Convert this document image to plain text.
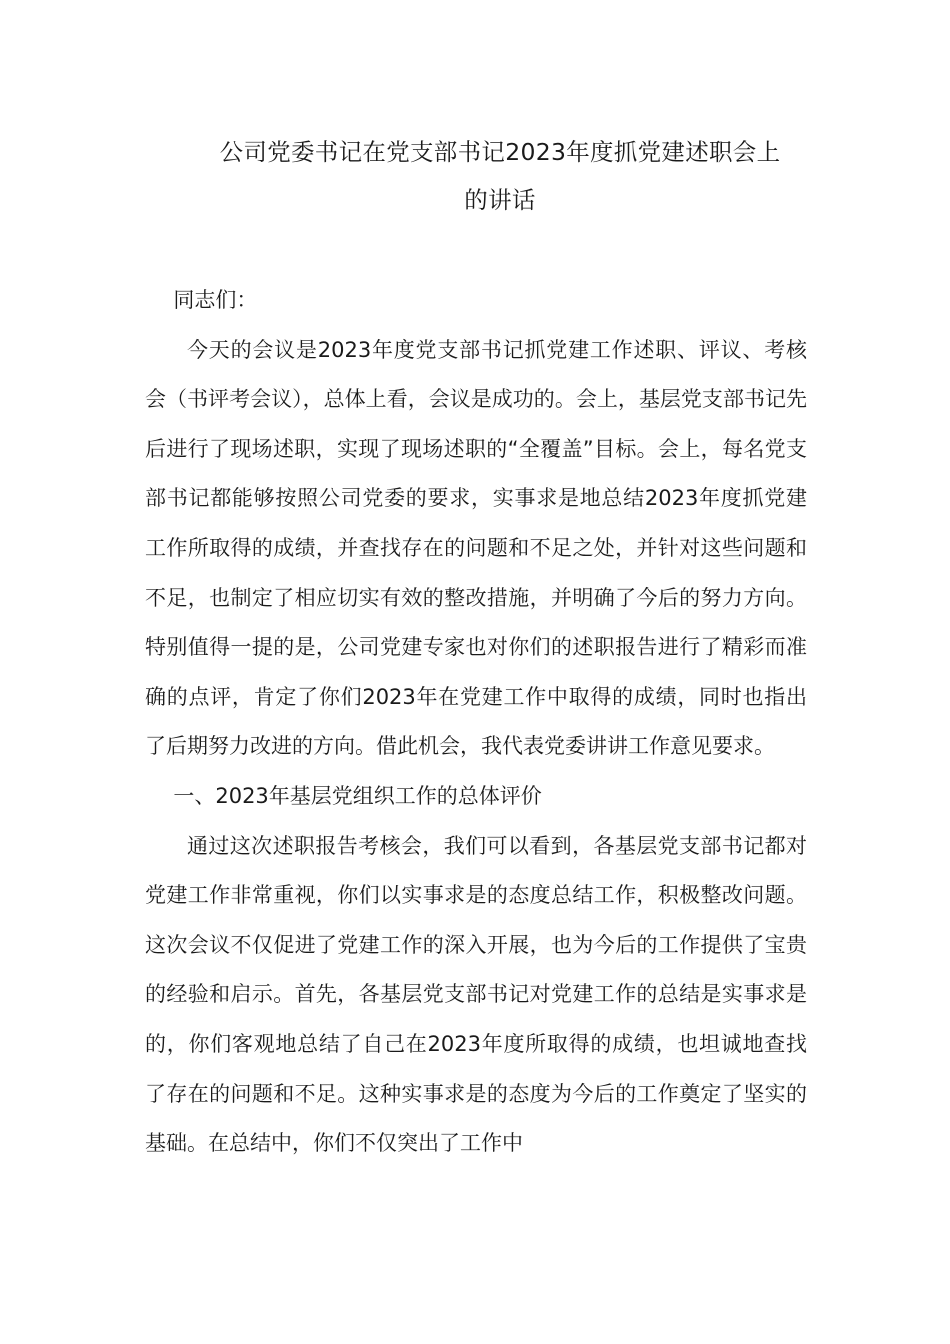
公司党委书记在党支部书记2023年度抓党建述职会上
的讲话

同志们：

今天的会议是2023年度党支部书记抓党建工作述职、评议、考核会（书评考会议），总体上看，会议是成功的。会上，基层党支部书记先后进行了现场述职，实现了现场述职的“全覆盖”目标。会上，每名党支部书记都能够按照公司党委的要求，实事求是地总结2023年度抓党建工作所取得的成绩，并查找存在的问题和不足之处，并针对这些问题和不足，也制定了相应切实有效的整改措施，并明确了今后的努力方向。特别值得一提的是，公司党建专家也对你们的述职报告进行了精彩而准确的点评，肯定了你们2023年在党建工作中取得的成绩，同时也指出了后期努力改进的方向。借此机会，我代表党委讲讲工作意见要求。

一、2023年基层党组织工作的总体评价

通过这次述职报告考核会，我们可以看到，各基层党支部书记都对党建工作非常重视，你们以实事求是的态度总结工作，积极整改问题。这次会议不仅促进了党建工作的深入开展，也为今后的工作提供了宝贵的经验和启示。首先，各基层党支部书记对党建工作的总结是实事求是的，你们客观地总结了自己在2023年度所取得的成绩，也坦诚地查找了存在的问题和不足。这种实事求是的态度为今后的工作奠定了坚实的基础。在总结中，你们不仅突出了工作中
